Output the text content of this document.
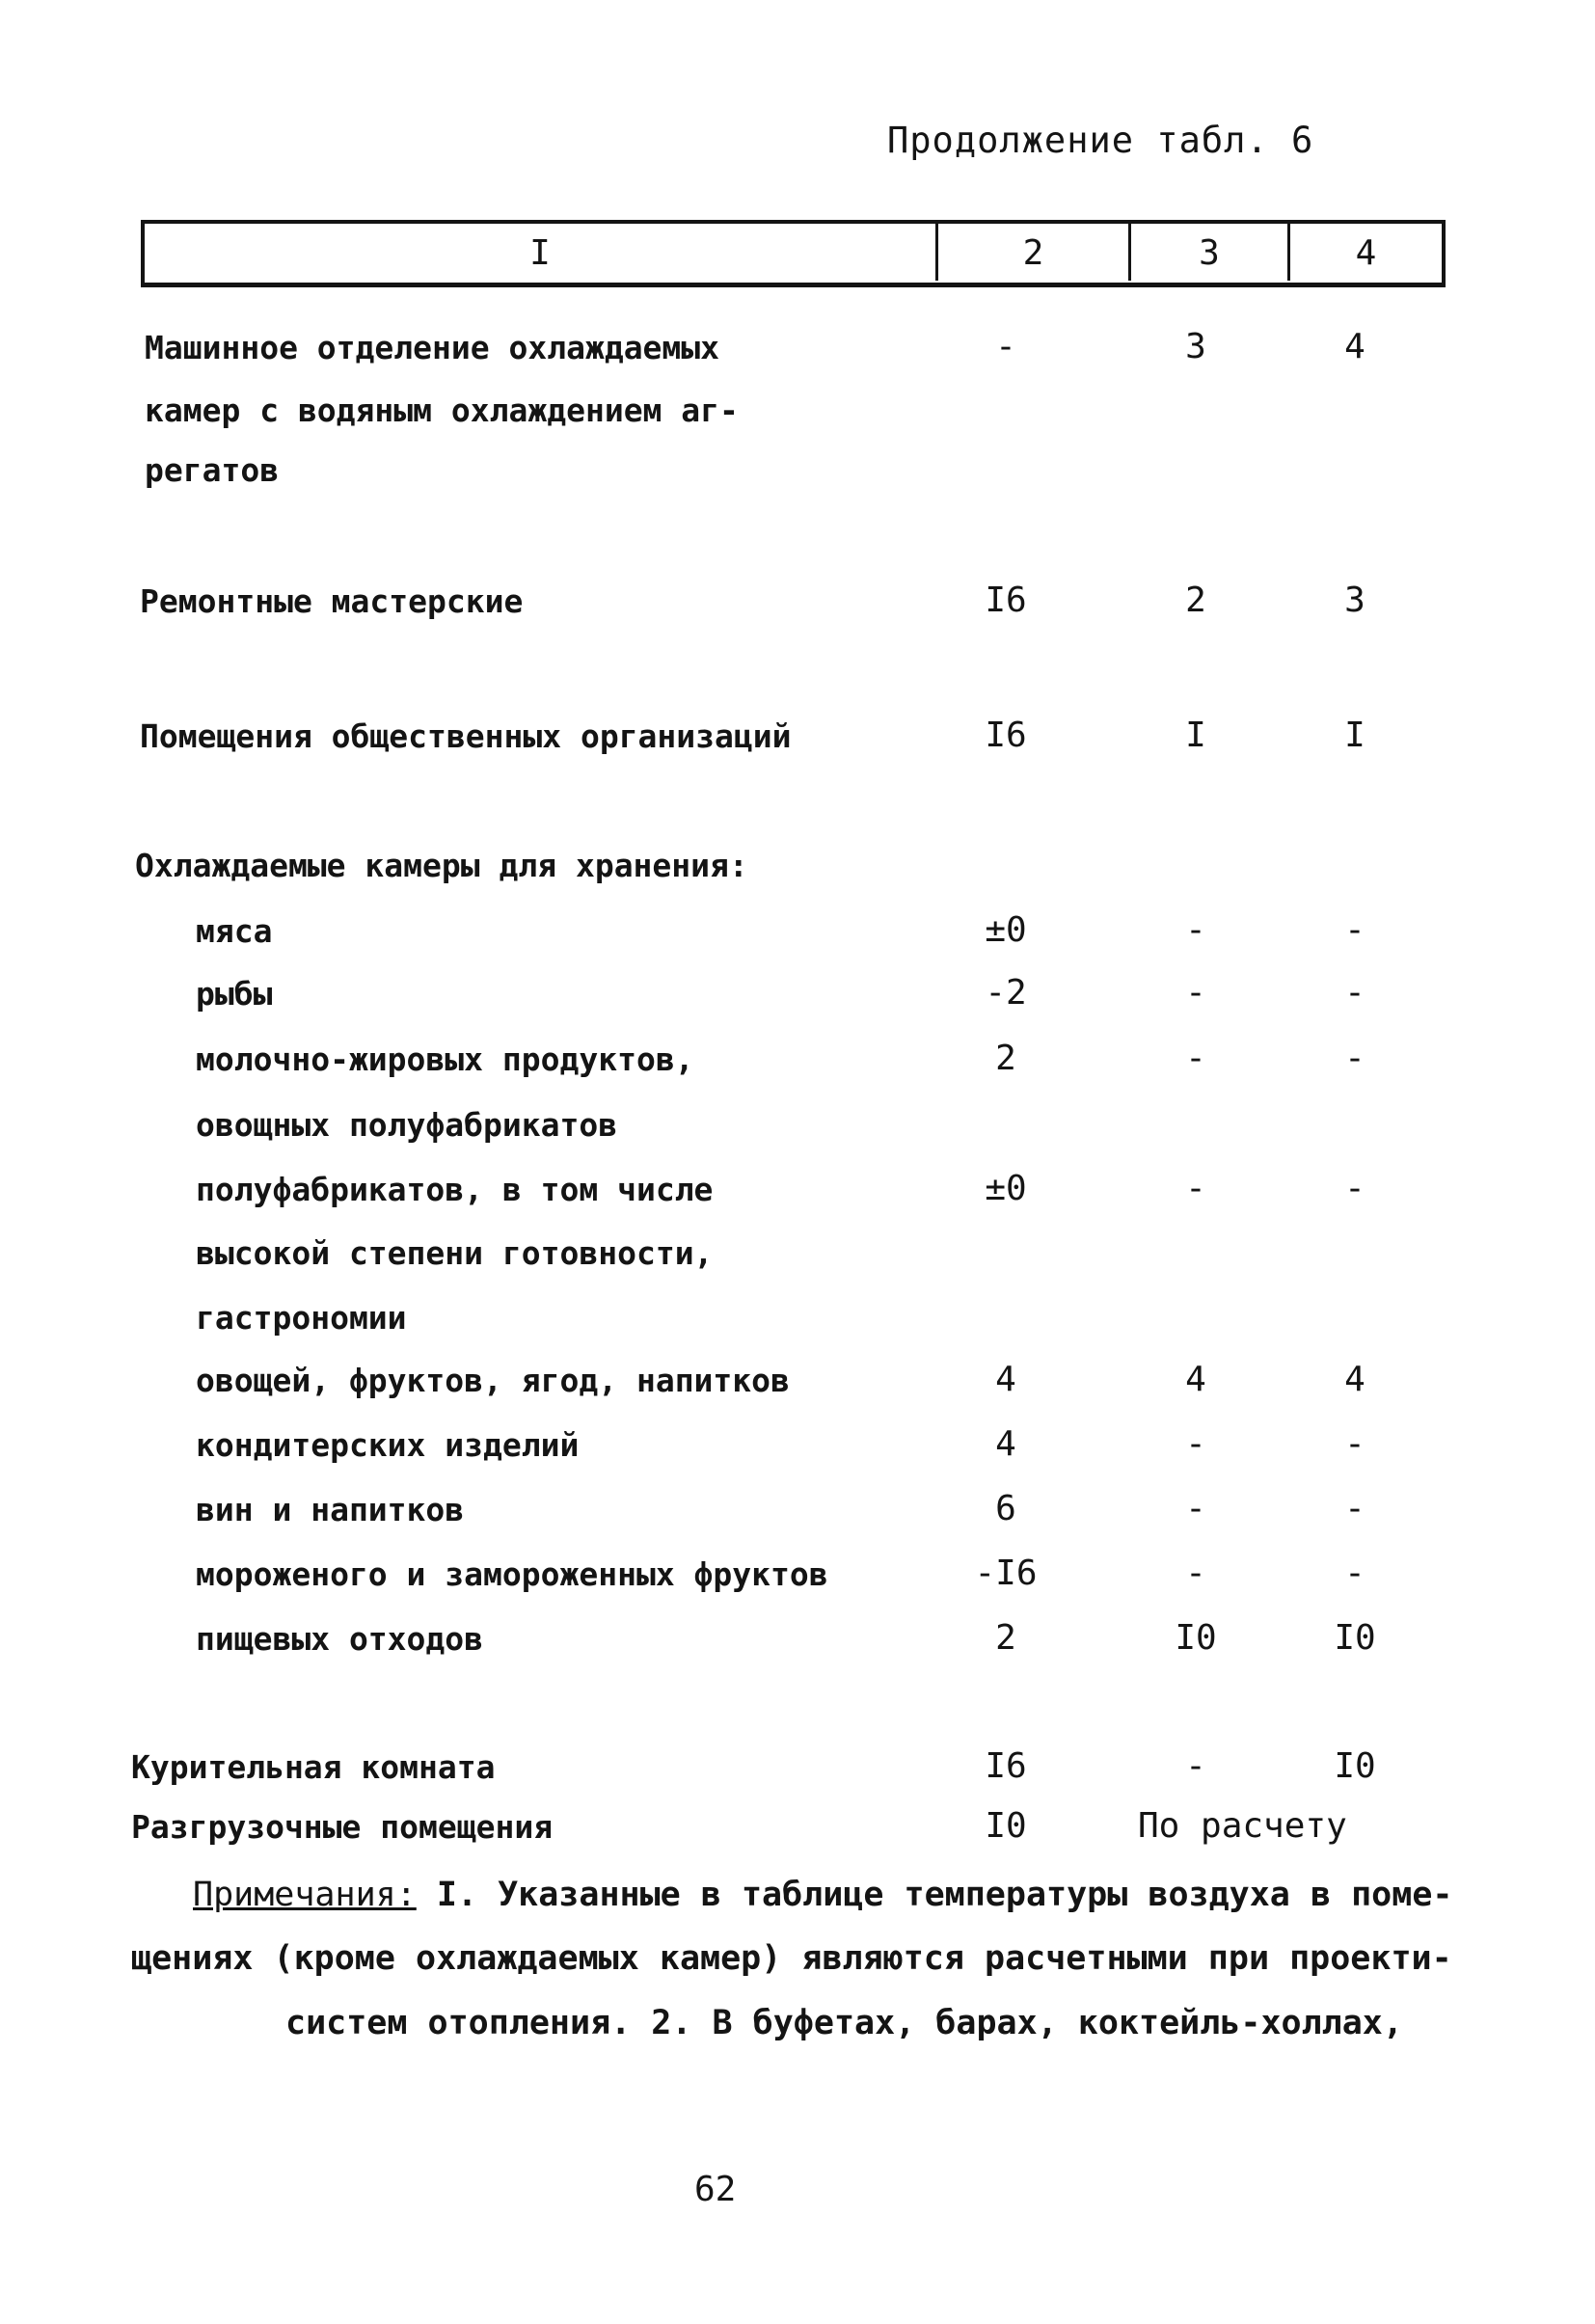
Продолжение табл. 6
I	2	3	4
Машинное отделение охлаждаемых	-	3	4
камер с водяным охлаждением аг-
регатов
Ремонтные мастерские	I6	2	3
Помещения общественных организаций	I6	I	I
Охлаждаемые камеры для хранения:
мяса	±0	-	-
рыбы	-2	-	-
молочно-жировых продуктов,	2	-	-
овощных полуфабрикатов
полуфабрикатов, в том числе	±0	-	-
высокой степени готовности,
гастрономии
овощей, фруктов, ягод, напитков	4	4	4
кондитерских изделий	4	-	-
вин и напитков	6	-	-
мороженого и замороженных фруктов	-I6	-	-
пищевых отходов	2	I0	I0
Курительная комната	I6	-	I0
Разгрузочные помещения	I0	По расчету
Примечания: I. Указанные в таблице температуры воздуха в поме-
щениях (кроме охлаждаемых камер) являются расчетными при проекти-
систем отопления. 2. В буфетах, барах, коктейль-холлах,
62
